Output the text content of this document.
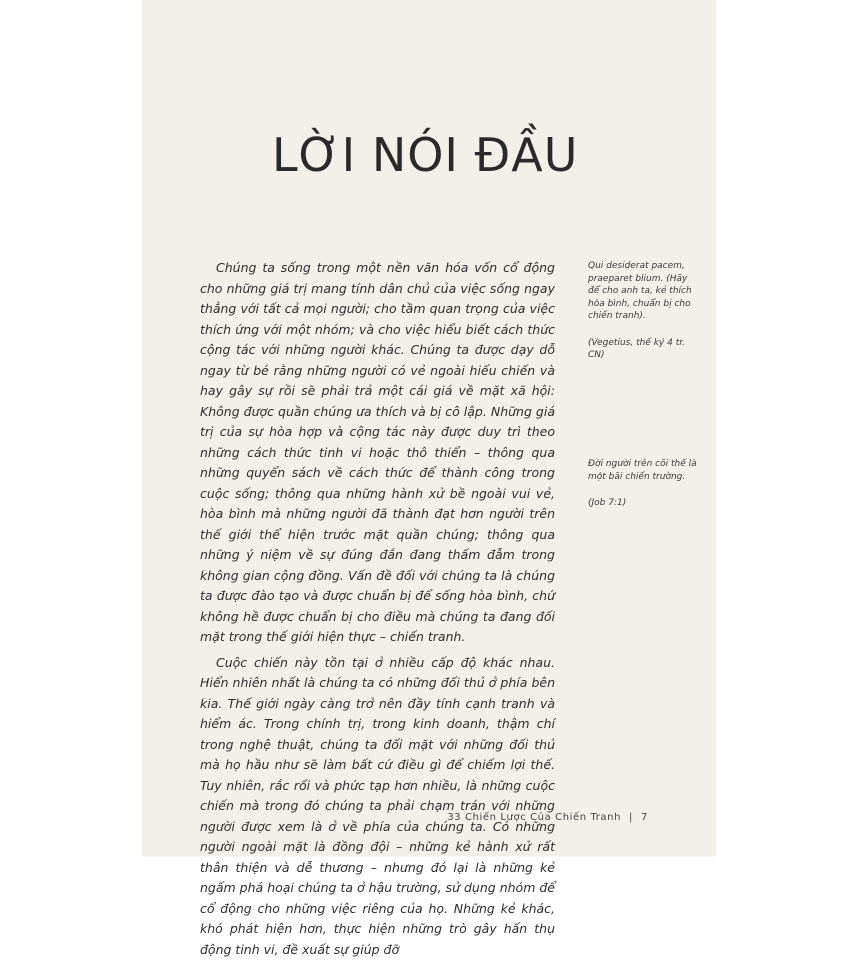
LỜI NÓI ĐẦU

Chúng ta sống trong một nền văn hóa vốn cổ động cho những giá trị mang tính dân chủ của việc sống ngay thẳng với tất cả mọi người; cho tầm quan trọng của việc thích ứng với một nhóm; và cho việc hiểu biết cách thức cộng tác với những người khác. Chúng ta được dạy dỗ ngay từ bé rằng những người có vẻ ngoài hiếu chiến và hay gây sự rồi sẽ phải trả một cái giá về mặt xã hội: Không được quần chúng ưa thích và bị cô lập. Những giá trị của sự hòa hợp và cộng tác này được duy trì theo những cách thức tinh vi hoặc thô thiển – thông qua những quyển sách về cách thức để thành công trong cuộc sống; thông qua những hành xử bề ngoài vui vẻ, hòa bình mà những người đã thành đạt hơn người trên thế giới thể hiện trước mặt quần chúng; thông qua những ý niệm về sự đúng đắn đang thấm đẫm trong không gian cộng đồng. Vấn đề đối với chúng ta là chúng ta được đào tạo và được chuẩn bị để sống hòa bình, chứ không hề được chuẩn bị cho điều mà chúng ta đang đối mặt trong thế giới hiện thực – chiến tranh.

Cuộc chiến này tồn tại ở nhiều cấp độ khác nhau. Hiển nhiên nhất là chúng ta có những đối thủ ở phía bên kia. Thế giới ngày càng trở nên đầy tính cạnh tranh và hiểm ác. Trong chính trị, trong kinh doanh, thậm chí trong nghệ thuật, chúng ta đối mặt với những đối thủ mà họ hầu như sẽ làm bất cứ điều gì để chiếm lợi thế. Tuy nhiên, rắc rối và phức tạp hơn nhiều, là những cuộc chiến mà trong đó chúng ta phải chạm trán với những người được xem là ở về phía của chúng ta. Có những người ngoài mặt là đồng đội – những kẻ hành xử rất thân thiện và dễ thương – nhưng đó lại là những kẻ ngấm phá hoại chúng ta ở hậu trường, sử dụng nhóm để cổ động cho những việc riêng của họ. Những kẻ khác, khó phát hiện hơn, thực hiện những trò gây hấn thụ động tinh vi, đề xuất sự giúp đỡ

Qui desiderat pacem, praeparet blium. (Hãy để cho anh ta, kẻ thích hòa bình, chuẩn bị cho chiến tranh).

(Vegetius, thế kỷ 4 tr. CN)

Đời người trên cõi thế là một bãi chiến trường.

(Job 7:1)

33 Chiến Lược Của Chiến Tranh | 7
